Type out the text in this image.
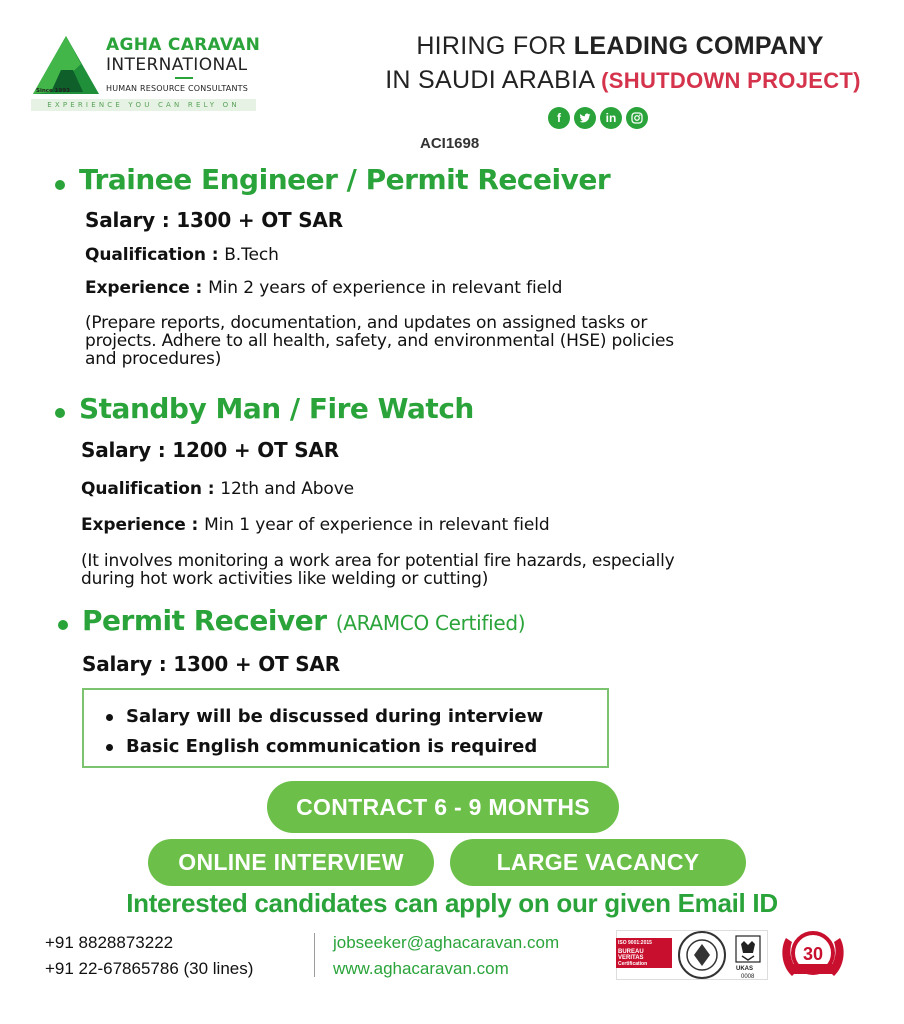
AGHA CARAVAN
INTERNATIONAL
HUMAN RESOURCE CONSULTANTS
Since 1993
EXPERIENCE YOU CAN RELY ON
HIRING FOR LEADING COMPANY
IN SAUDI ARABIA (SHUTDOWN PROJECT)
f	in
ACI1698
Trainee Engineer / Permit Receiver
Salary : 1300 + OT SAR
Qualification : B.Tech
Experience : Min 2 years of experience in relevant field
(Prepare reports, documentation, and updates on assigned tasks or
projects. Adhere to all health, safety, and environmental (HSE) policies
and procedures)
Standby Man / Fire Watch
Salary : 1200 + OT SAR
Qualification : 12th and Above
Experience : Min 1 year of experience in relevant field
(It involves monitoring a work area for potential fire hazards, especially
during hot work activities like welding or cutting)
Permit Receiver (ARAMCO Certified)
Salary : 1300 + OT SAR
Salary will be discussed during interview
Basic English communication is required
CONTRACT 6 - 9 MONTHS
ONLINE INTERVIEW	LARGE VACANCY
Interested candidates can apply on our given Email ID
+91 8828873222
+91 22-67865786 (30 lines)
jobseeker@aghacaravan.com
www.aghacaravan.com
ISO 9001:2015
BUREAU VERITAS
Certification
UKAS
0008
30
